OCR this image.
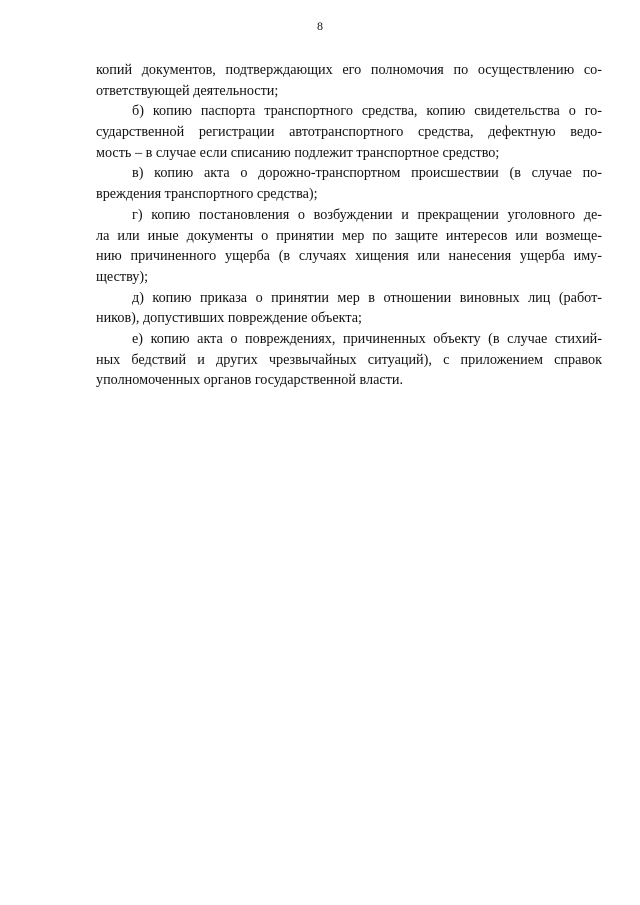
8
копий документов, подтверждающих его полномочия по осуществлению со-
ответствующей деятельности;
б) копию паспорта транспортного средства, копию свидетельства о го-
сударственной регистрации автотранспортного средства, дефектную ведо-
мость – в случае если списанию подлежит транспортное средство;
в) копию акта о дорожно-транспортном происшествии (в случае по-
вреждения транспортного средства);
г) копию постановления о возбуждении и прекращении уголовного де-
ла или иные документы о принятии мер по защите интересов или возмеще-
нию причиненного ущерба (в случаях хищения или нанесения ущерба иму-
ществу);
д) копию приказа о принятии мер в отношении виновных лиц (работ-
ников), допустивших повреждение объекта;
е) копию акта о повреждениях, причиненных объекту (в случае стихий-
ных бедствий и других чрезвычайных ситуаций), с приложением справок
уполномоченных органов государственной власти.
